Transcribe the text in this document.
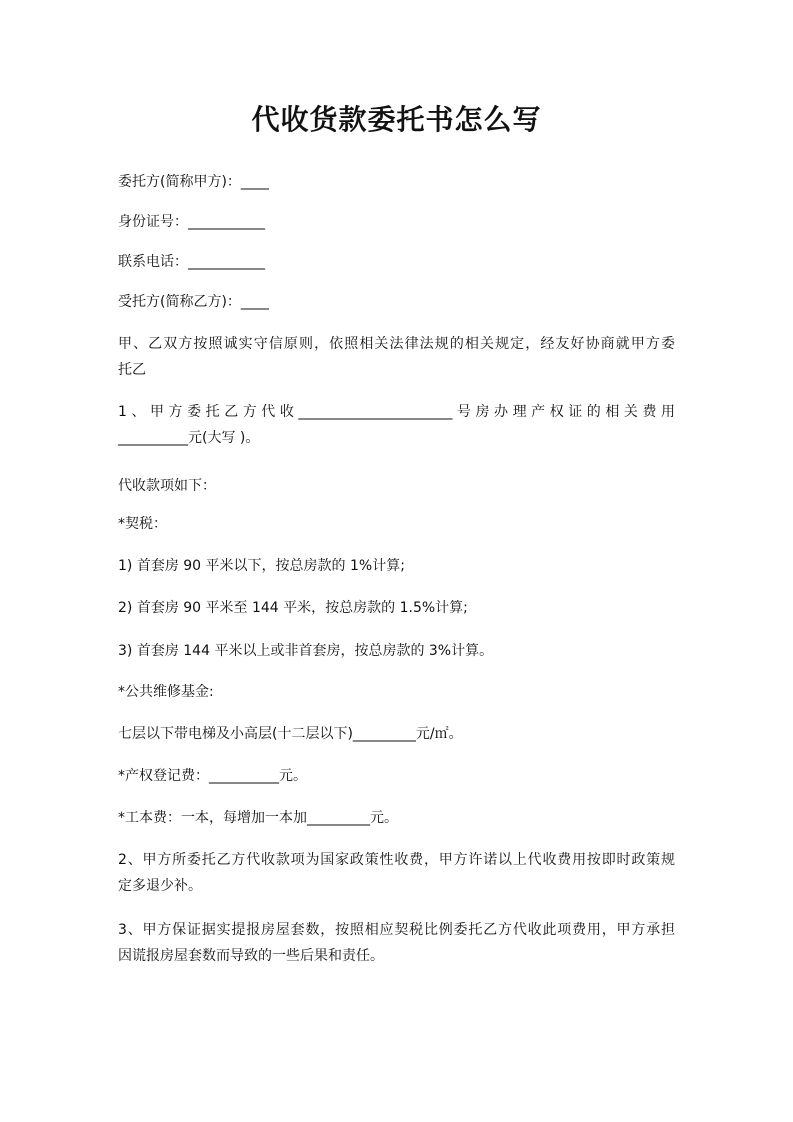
代收货款委托书怎么写
委托方(简称甲方)：____
身份证号：___________
联系电话：___________
受托方(简称乙方)：____
甲、乙双方按照诚实守信原则，依照相关法律法规的相关规定，经友好协商就甲方委
托乙
1、甲方委托乙方代收______________________号房办理产权证的相关费用
__________元(大写 )。
代收款项如下：
*契税：
1) 首套房 90 平米以下，按总房款的 1%计算;
2) 首套房 90 平米至 144 平米，按总房款的 1.5%计算;
3) 首套房 144 平米以上或非首套房，按总房款的 3%计算。
*公共维修基金:
七层以下带电梯及小高层(十二层以下)_________元/㎡。
*产权登记费：__________元。
*工本费：一本，每增加一本加_________元。
2、甲方所委托乙方代收款项为国家政策性收费，甲方许诺以上代收费用按即时政策规
定多退少补。
3、甲方保证据实提报房屋套数，按照相应契税比例委托乙方代收此项费用，甲方承担
因谎报房屋套数而导致的一些后果和责任。
